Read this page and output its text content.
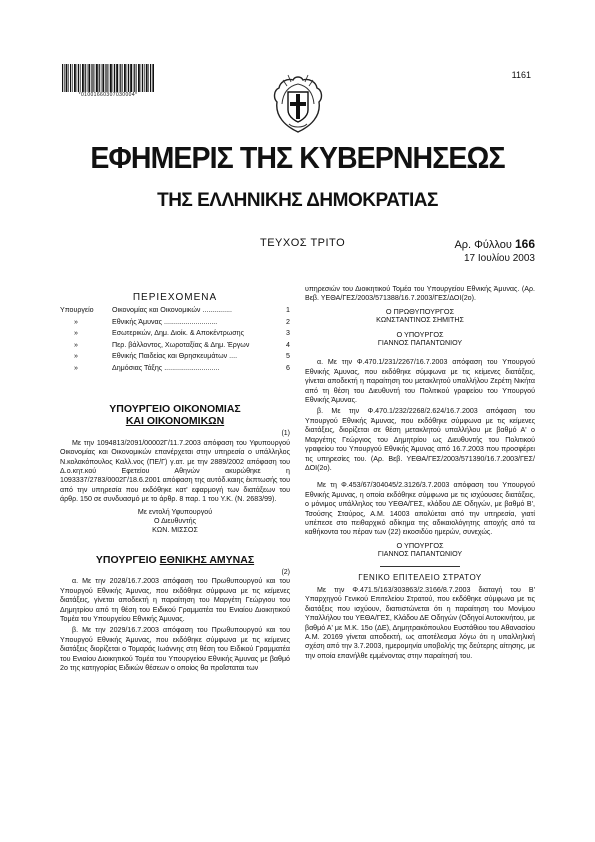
*01001660307030004*
1161
ΕΦΗΜΕΡΙΣ ΤΗΣ ΚΥΒΕΡΝΗΣΕΩΣ
ΤΗΣ ΕΛΛΗΝΙΚΗΣ ΔΗΜΟΚΡΑΤΙΑΣ
ΤΕΥΧΟΣ ΤΡΙΤΟ	Αρ. Φύλλου 166
17 Ιουλίου 2003
ΠΕΡΙΕΧΟΜΕΝΑ
Υπουργείο	Οικονομίας και Οικονομικών ...............	1
»	Εθνικής Άμυνας ...........................	2
»	Εσωτερικών, Δημ. Διοίκ. & Αποκέντρωσης	3
»	Περ. βάλλοντος, Χωροταξίας & Δημ. Έργων	4
»	Εθνικής Παιδείας και Θρησκευμάτων ....	5
»	Δημόσιας Τάξης ............................	6
ΥΠΟΥΡΓΕΙΟ ΟΙΚΟΝΟΜΙΑΣ
ΚΑΙ ΟΙΚΟΝΟΜΙΚΩΝ
(1)

Με την 1094813/2091/00002Γ/11.7.2003 απόφαση του Υφυπουργού Οικονομίας και Οικονομικών επανέρχεται στην υπηρεσία ο υπάλληλος Ν.κολακόπουλος Καλλ.νος (ΠΕ/Γ) γ.ατ. με την 2889/2002 απόφαση του Δ.ο.κητ.κού Εφετείου Αθηνών ακυρώθηκε η 1093337/2783/0002Γ/18.6.2001 απόφαση της αυτόδ.καιης έκπτωσής του από την υπηρεσία που εκδόθηκε κατ' εφαρμογή των διατάξεων του άρθρ. 150 σε συνδυασμό με το άρθρ. 8 παρ. 1 του Υ.Κ. (Ν. 2683/99).

Με εντολή Υφυπουργού
Ο Διευθυντής
ΚΩΝ. ΜΙΣΣΟΣ
ΥΠΟΥΡΓΕΙΟ ΕΘΝΙΚΗΣ ΑΜΥΝΑΣ
(2)

α. Με την 2028/16.7.2003 απόφαση του Πρωθυπουργού και του Υπουργού Εθνικής Άμυνας, που εκδόθηκε σύμφωνα με τις κείμενες διατάξεις, γίνεται αποδεκτή η παραίτηση του Μαργέτη Γεώργιου του Δημητρίου από τη θέση του Ειδικού Γραμματέα του Ενιαίου Διοικητικού Τομέα του Υπουργείου Εθνικής Άμυνας.

β. Με την 2029/16.7.2003 απόφαση του Πρωθυπουργού και του Υπουργού Εθνικής Άμυνας, που εκδόθηκε σύμφωνα με τις κείμενες διατάξεις διορίζεται ο Τομαράς Ιωάννης στη θέση του Ειδικού Γραμματέα του Ενιαίου Διοικητικού Τομέα του Υπουργείου Εθνικής Άμυνας με βαθμό 2ο της κατηγορίας Ειδικών θέσεων ο οποίος θα προΐσταται των

υπηρεσιών του Διοικητικού Τομέα του Υπουργείου Εθνικής Άμυνας. (Αρ. Βεβ. ΥΕΘΑ/ΓΕΣ/2003/571388/16.7.2003/ΓΕΣ/ΔΟΙ(2ο).

Ο ΠΡΩΘΥΠΟΥΡΓΟΣ
ΚΩΝΣΤΑΝΤΙΝΟΣ ΣΗΜΙΤΗΣ
Ο ΥΠΟΥΡΓΟΣ
ΓΙΑΝΝΟΣ ΠΑΠΑΝΤΩΝΙΟΥ

α. Με την Φ.470.1/231/2267/16.7.2003 απόφαση του Υπουργού Εθνικής Άμυνας, που εκδόθηκε σύμφωνα με τις κείμενες διατάξεις, γίνεται αποδεκτή η παραίτηση του μετακλητού υπαλλήλου Ζερέτη Νικήτα από τη θέση του Διευθυντή του Πολιτικού γραφείου του Υπουργού Εθνικής Άμυνας.

β. Με την Φ.470.1/232/2268/2.624/16.7.2003 απόφαση του Υπουργού Εθνικής Άμυνας, που εκδόθηκε σύμφωνα με τις κείμενες διατάξεις, διορίζεται σε θέση μετακλητού υπαλλήλου με βαθμό Α' ο Μαργέτης Γεώργιος του Δημητρίου ως Διευθυντής του Πολιτικού γραφείου του Υπουργού Εθνικής Άμυνας από 16.7.2003 που προσφέρει τις υπηρεσίες του. (Αρ. Βεβ. ΥΕΘΑ/ΓΕΣ/2003/571390/16.7.2003/ΓΕΣ/ΔΟΙ(2ο).

Με τη Φ.453/67/304045/2.3126/3.7.2003 απόφαση του Υπουργού Εθνικής Άμυνας, η οποία εκδόθηκε σύμφωνα με τις ισχύουσες διατάξεις, ο μόνιμος υπάλληλος του ΥΕΘΑ/ΓΕΣ, κλάδου ΔΕ Οδηγών, με βαθμό Β', Τσούσης Σταύρος, Α.Μ. 14003 απολύεται από την υπηρεσία, γιατί υπέπεσε στο πειθαρχικό αδίκημα της αδικαιολόγητης αποχής από τα καθήκοντα του πέραν των (22) εικοσιδύο ημερών, συνεχώς.

Ο ΥΠΟΥΡΓΟΣ
ΓΙΑΝΝΟΣ ΠΑΠΑΝΤΩΝΙΟΥ
ΓΕΝΙΚΟ ΕΠΙΤΕΛΕΙΟ ΣΤΡΑΤΟΥ

Με την Φ.471.5/163/303863/2.3166/8.7.2003 διαταγή του Β' Υπαρχηγού Γενικού Επιτελείου Στρατού, που εκδόθηκε σύμφωνα με τις διατάξεις που ισχύουν, διαπιστώνεται ότι η παραίτηση του Μονίμου Υπαλλήλου του ΥΕΘΑ/ΓΕΣ, Κλάδου ΔΕ Οδηγών (Οδηγοί Αυτοκινήτου, με βαθμό Α' με Μ.Κ. 15ο (ΔΕ), Δημητρακόπουλου Ευστάθιου του Αθανασίου Α.Μ. 20169 γίνεται αποδεκτή, ως αποτέλεσμα λόγω ότι η υπαλληλική σχέση από την 3.7.2003, ημερομηνία υποβολής της δεύτερης αίτησης, με την οποία επανήλθε εμμένοντας στην παραίτησή του.
